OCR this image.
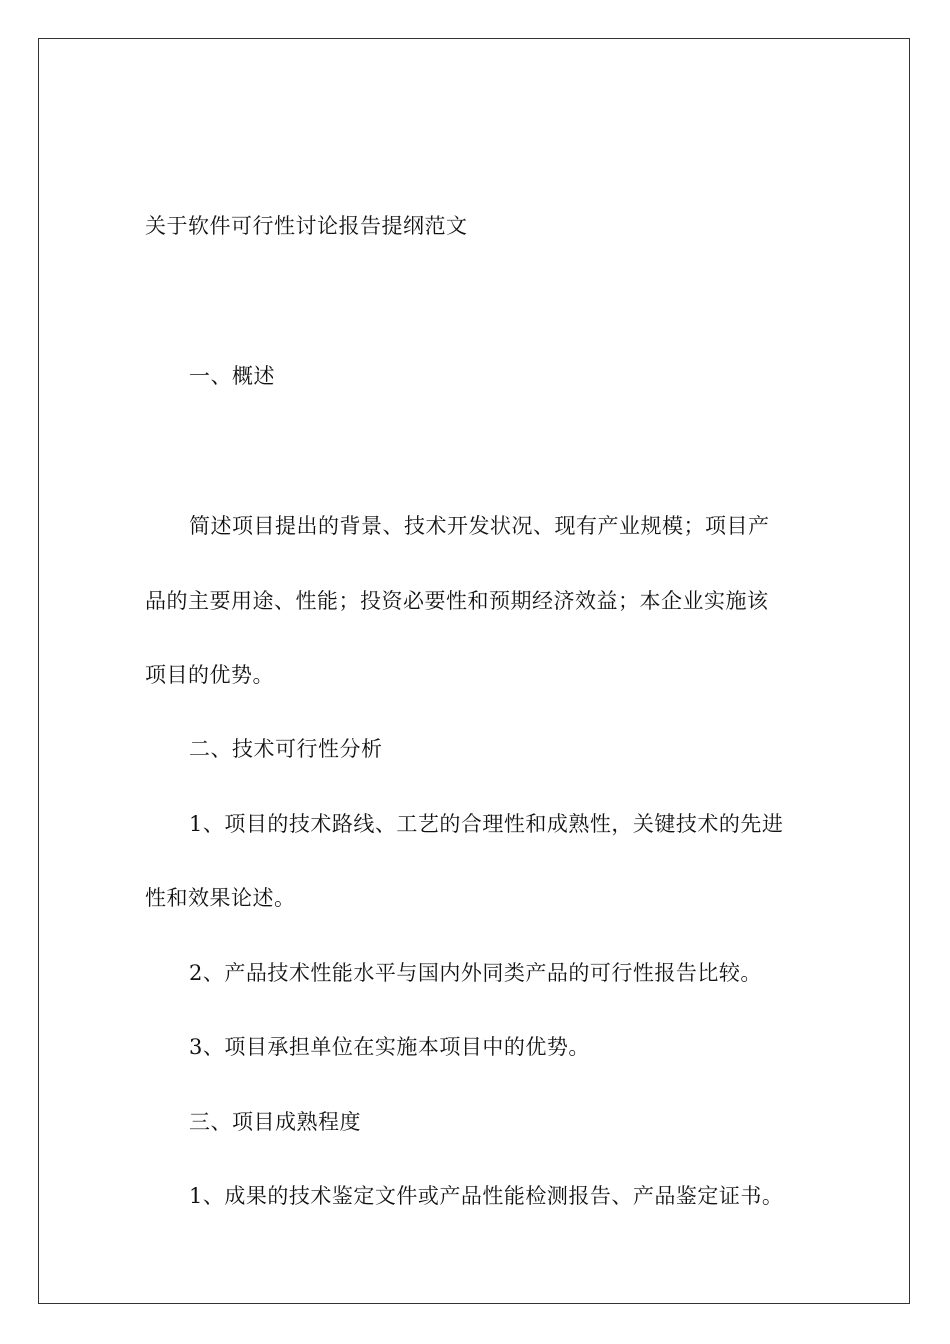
关于软件可行性讨论报告提纲范文
一、概述
简述项目提出的背景、技术开发状况、现有产业规模；项目产
品的主要用途、性能；投资必要性和预期经济效益；本企业实施该
项目的优势。
二、技术可行性分析
1、项目的技术路线、工艺的合理性和成熟性，关键技术的先进
性和效果论述。
2、产品技术性能水平与国内外同类产品的可行性报告比较。
3、项目承担单位在实施本项目中的优势。
三、项目成熟程度
1、成果的技术鉴定文件或产品性能检测报告、产品鉴定证书。
